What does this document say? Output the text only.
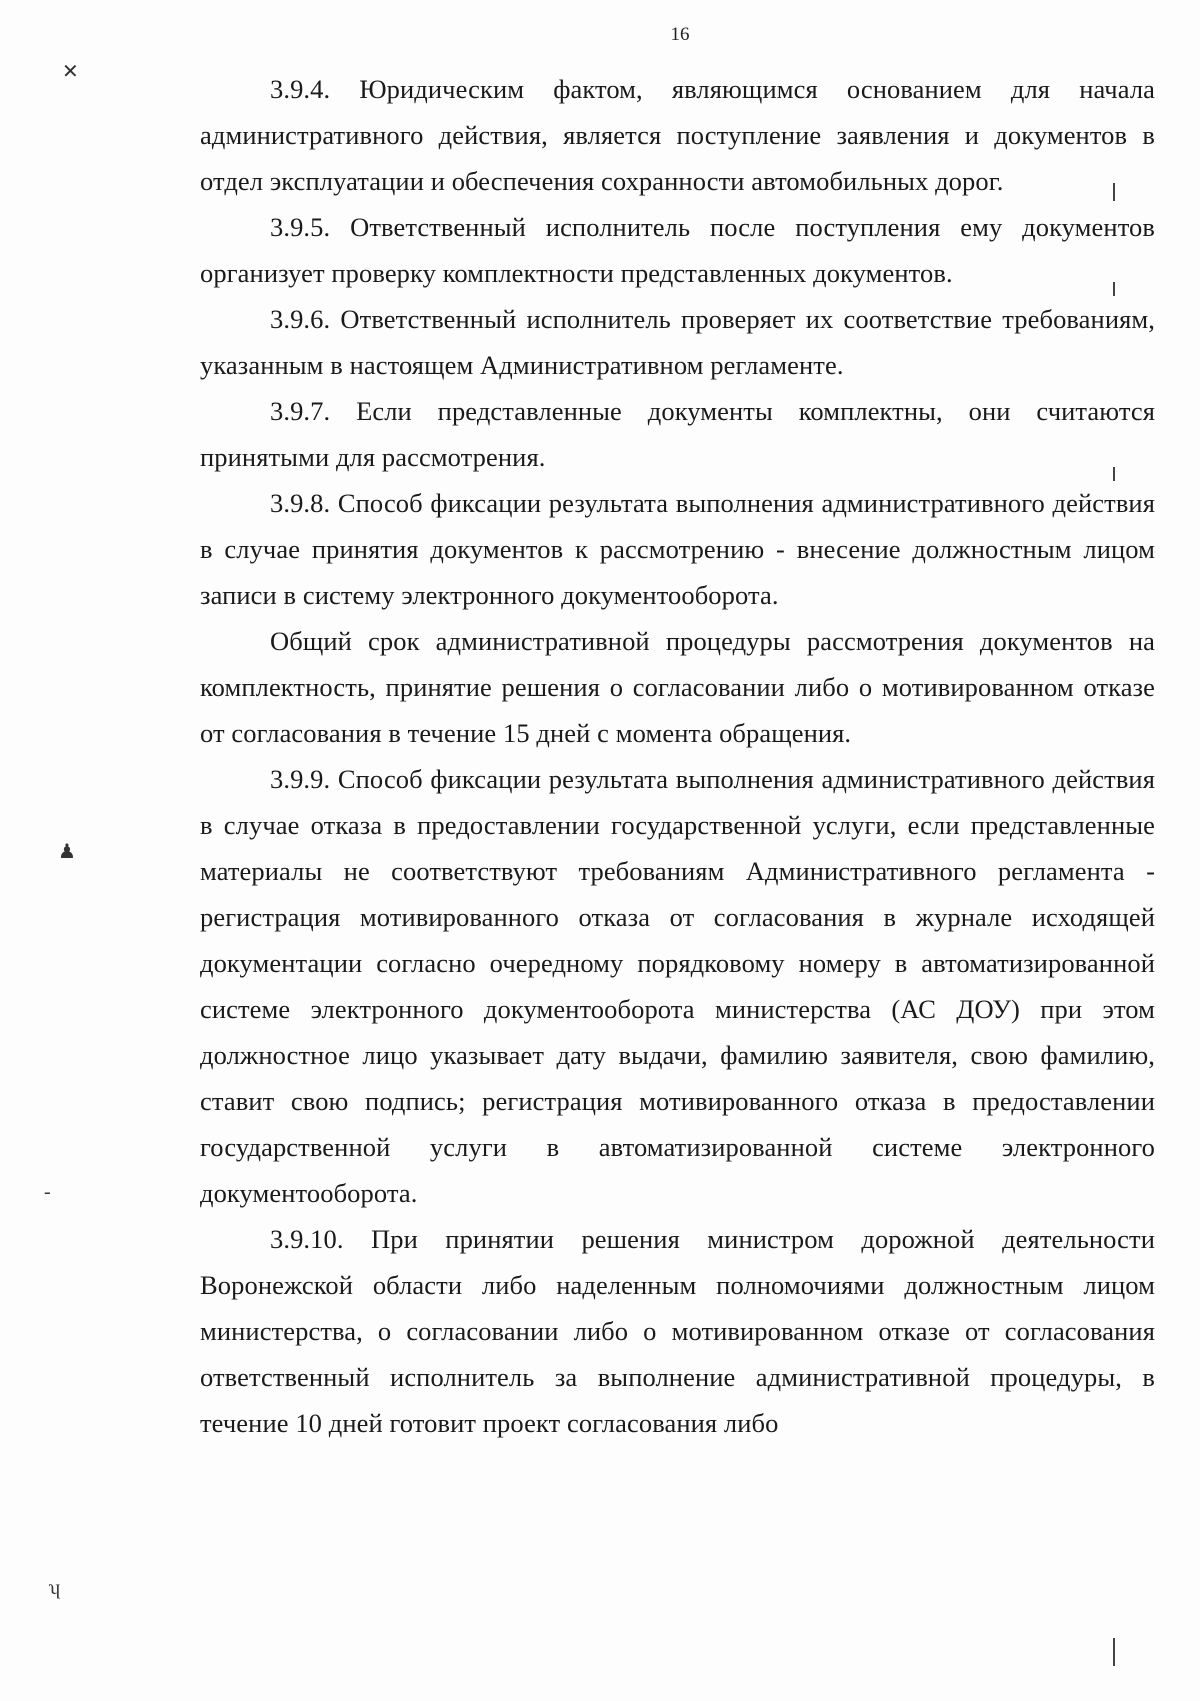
16
✕
♟
-
ʮ

3.9.4. Юридическим фактом, являющимся основанием для начала административного действия, является поступление заявления и документов в отдел эксплуатации и обеспечения сохранности автомобильных дорог.

3.9.5. Ответственный исполнитель после поступления ему документов организует проверку комплектности представленных документов.

3.9.6. Ответственный исполнитель проверяет их соответствие требованиям, указанным в настоящем Административном регламенте.

3.9.7. Если представленные документы комплектны, они считаются принятыми для рассмотрения.

3.9.8. Способ фиксации результата выполнения административного действия в случае принятия документов к рассмотрению - внесение должностным лицом записи в систему электронного документооборота.

Общий срок административной процедуры рассмотрения документов на комплектность, принятие решения о согласовании либо о мотивированном отказе от согласования в течение 15 дней с момента обращения.

3.9.9. Способ фиксации результата выполнения административного действия в случае отказа в предоставлении государственной услуги, если представленные материалы не соответствуют требованиям Административного регламента - регистрация мотивированного отказа от согласования в журнале исходящей документации согласно очередному порядковому номеру в автоматизированной системе электронного документооборота министерства (АС ДОУ) при этом должностное лицо указывает дату выдачи, фамилию заявителя, свою фамилию, ставит свою подпись; регистрация мотивированного отказа в предоставлении государственной услуги в автоматизированной системе электронного документооборота.

3.9.10. При принятии решения министром дорожной деятельности Воронежской области либо наделенным полномочиями должностным лицом министерства, о согласовании либо о мотивированном отказе от согласования ответственный исполнитель за выполнение административной процедуры, в течение 10 дней готовит проект согласования либо
